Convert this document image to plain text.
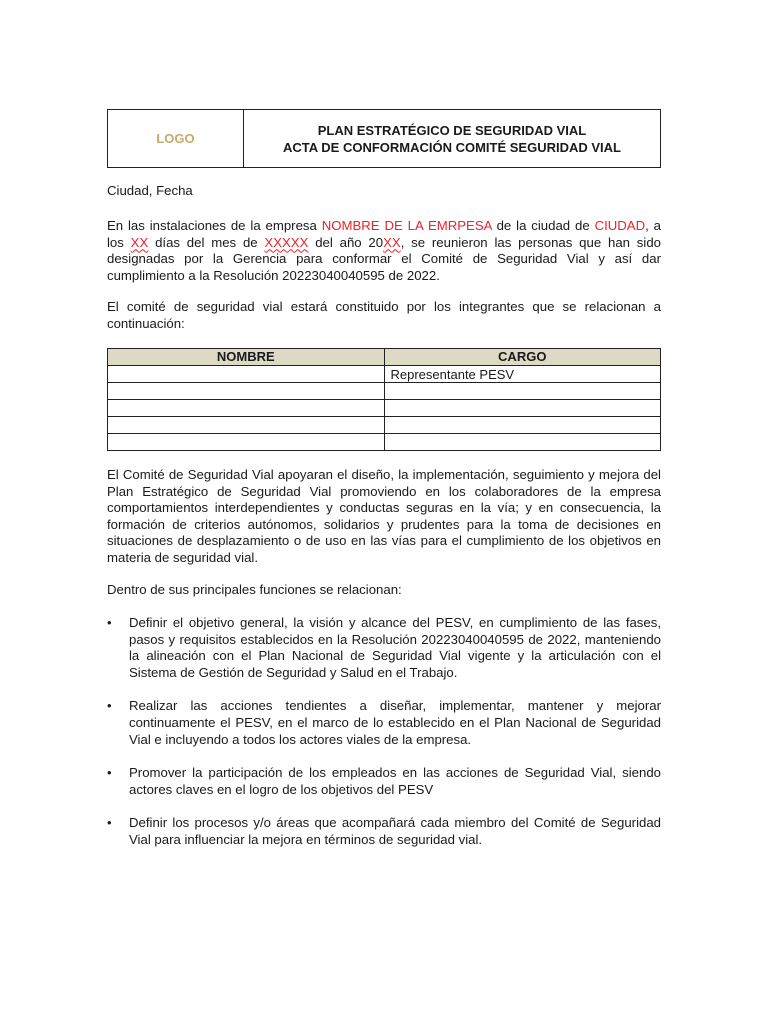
LOGO
PLAN ESTRATÉGICO DE SEGURIDAD VIAL
ACTA DE CONFORMACIÓN COMITÉ SEGURIDAD VIAL
Ciudad, Fecha
En las instalaciones de la empresa NOMBRE DE LA EMRPESA de la ciudad de CIUDAD, a los XX días del mes de XXXXX del año 20XX, se reunieron las personas que han sido designadas por la Gerencia para conformar el Comité de Seguridad Vial y así dar cumplimiento a la Resolución 20223040040595 de 2022.
El comité de seguridad vial estará constituido por los integrantes que se relacionan a continuación:
NOMBRE	CARGO
	Representante PESV

El Comité de Seguridad Vial apoyaran el diseño, la implementación, seguimiento y mejora del Plan Estratégico de Seguridad Vial promoviendo en los colaboradores de la empresa comportamientos interdependientes y conductas seguras en la vía; y en consecuencia, la formación de criterios autónomos, solidarios y prudentes para la toma de decisiones en situaciones de desplazamiento o de uso en las vías para el cumplimiento de los objetivos en materia de seguridad vial.
Dentro de sus principales funciones se relacionan:
•	Definir el objetivo general, la visión y alcance del PESV, en cumplimiento de las fases, pasos y requisitos establecidos en la Resolución 20223040040595 de 2022, manteniendo la alineación con el Plan Nacional de Seguridad Vial vigente y la articulación con el Sistema de Gestión de Seguridad y Salud en el Trabajo.
•	Realizar las acciones tendientes a diseñar, implementar, mantener y mejorar continuamente el PESV, en el marco de lo establecido en el Plan Nacional de Seguridad Vial e incluyendo a todos los actores viales de la empresa.
•	Promover la participación de los empleados en las acciones de Seguridad Vial, siendo actores claves en el logro de los objetivos del PESV
•	Definir los procesos y/o áreas que acompañará cada miembro del Comité de Seguridad Vial para influenciar la mejora en términos de seguridad vial.
